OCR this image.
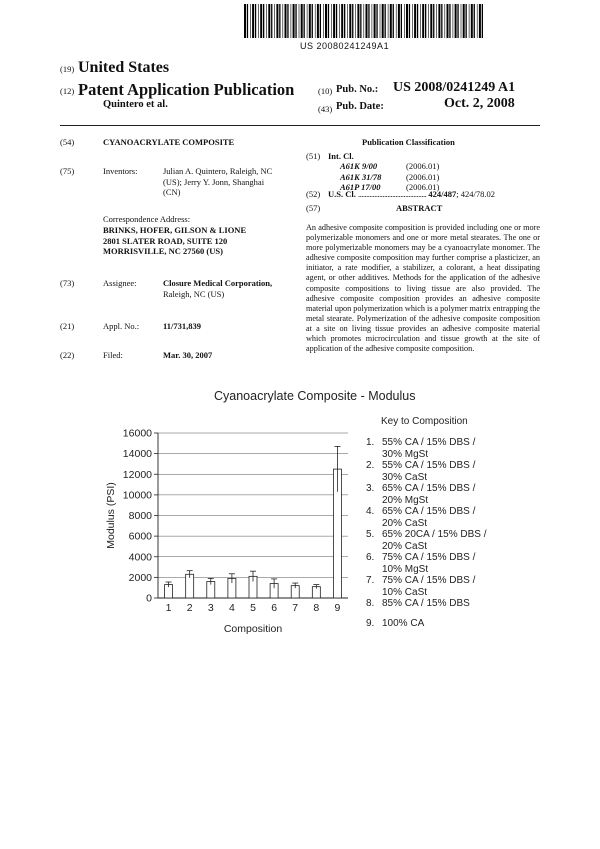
US 20080241249A1
(19) United States
(12) Patent Application Publication
Quintero et al.
(10) Pub. No.: US 2008/0241249 A1
(43) Pub. Date:	Oct. 2, 2008
(54)	CYANOACRYLATE COMPOSITE
(75)	Inventors:	Julian A. Quintero, Raleigh, NC
(US); Jerry Y. Jonn, Shanghai
(CN)
Correspondence Address:
BRINKS, HOFER, GILSON & LIONE
2801 SLATER ROAD, SUITE 120
MORRISVILLE, NC 27560 (US)
(73)	Assignee:	Closure Medical Corporation,
Raleigh, NC (US)
(21)	Appl. No.:	11/731,839
(22)	Filed:	Mar. 30, 2007
Publication Classification
(51) Int. Cl.
A61K 9/00	(2006.01)
A61K 31/78	(2006.01)
A61P 17/00	(2006.01)
(52) U.S. Cl. .......................................... 424/487; 424/78.02
(57)	ABSTRACT
An adhesive composite composition is provided including one or more polymerizable monomers and one or more metal stearates. The one or more polymerizable monomers may be a cyanoacrylate monomer. The adhesive composite composition may further comprise a plasticizer, an initiator, a rate modifier, a stabilizer, a colorant, a heat dissipating agent, or other additives. Methods for the application of the adhesive composite compositions to living tissue are also provided. The adhesive composite composition provides an adhesive composite material upon polymerization which is a polymer matrix entrapping the metal stearate. Polymerization of the adhesive composite composition at a site on living tissue provides an adhesive composite material which promotes microcirculation and tissue growth at the site of application of the adhesive composite composition.
Cyanoacrylate Composite - Modulus
0
2000
4000
6000
8000
10000
12000
14000
16000
1 2 3 4 5 6 7 8 9
Composition
Modulus (PSI)
Key to Composition
1. 55% CA / 15% DBS /
30% MgSt
2. 55% CA / 15% DBS /
30% CaSt
3. 65% CA / 15% DBS /
20% MgSt
4. 65% CA / 15% DBS /
20% CaSt
5. 65% 20CA / 15% DBS /
20% CaSt
6. 75% CA / 15% DBS /
10% MgSt
7. 75% CA / 15% DBS /
10% CaSt
8. 85% CA / 15% DBS
9. 100% CA
